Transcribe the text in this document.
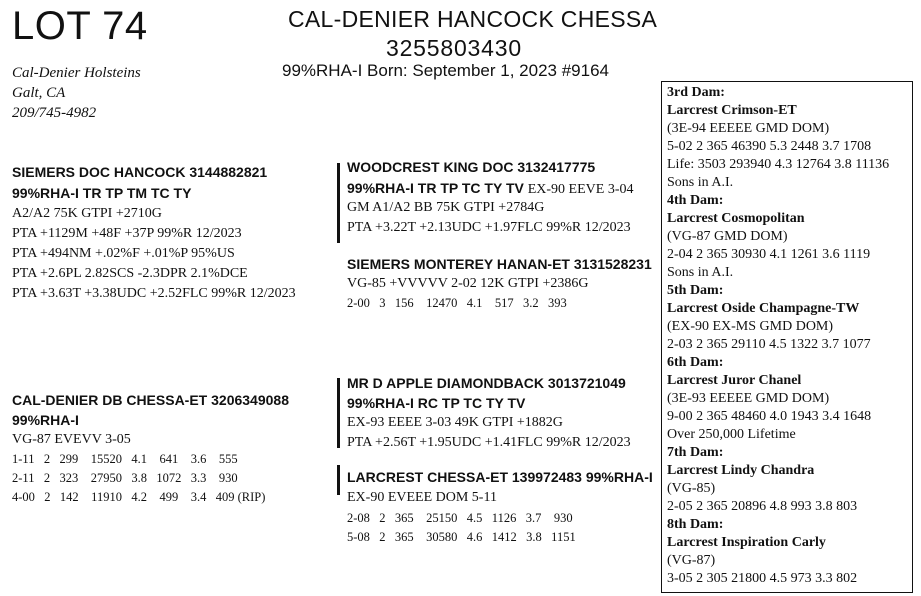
LOT 74	CAL-DENIER HANCOCK CHESSA
3255803430
99%RHA-I Born: September 1, 2023 #9164
Cal-Denier Holsteins
Galt, CA
209/745-4982
SIEMERS DOC HANCOCK 3144882821
99%RHA-I TR TP TM TC TY
A2/A2 75K GTPI +2710G
PTA +1129M +48F +37P 99%R 12/2023
PTA +494NM +.02%F +.01%P 95%US
PTA +2.6PL 2.82SCS -2.3DPR 2.1%DCE
PTA +3.63T +3.38UDC +2.52FLC 99%R 12/2023
WOODCREST KING DOC 3132417775
99%RHA-I TR TP TC TY TV EX-90 EEVE 3-04
GM A1/A2 BB 75K GTPI +2784G
PTA +3.22T +2.13UDC +1.97FLC 99%R 12/2023
SIEMERS MONTEREY HANAN-ET 3131528231
VG-85 +VVVVV 2-02 12K GTPI +2386G
2-00 3 156 12470 4.1 517 3.2 393
CAL-DENIER DB CHESSA-ET 3206349088
99%RHA-I
VG-87 EVEVV 3-05
1-11 2 299 15520 4.1 641 3.6 555
2-11 2 323 27950 3.8 1072 3.3 930
4-00 2 142 11910 4.2 499 3.4 409 (RIP)
MR D APPLE DIAMONDBACK 3013721049
99%RHA-I RC TP TC TY TV
EX-93 EEEE 3-03 49K GTPI +1882G
PTA +2.56T +1.95UDC +1.41FLC 99%R 12/2023
LARCREST CHESSA-ET 139972483 99%RHA-I
EX-90 EVEEE DOM 5-11
2-08 2 365 25150 4.5 1126 3.7 930
5-08 2 365 30580 4.6 1412 3.8 1151
3rd Dam:
Larcrest Crimson-ET
(3E-94 EEEEE GMD DOM)
5-02 2 365 46390 5.3 2448 3.7 1708
Life: 3503 293940 4.3 12764 3.8 11136
Sons in A.I.
4th Dam:
Larcrest Cosmopolitan
(VG-87 GMD DOM)
2-04 2 365 30930 4.1 1261 3.6 1119
Sons in A.I.
5th Dam:
Larcrest Oside Champagne-TW
(EX-90 EX-MS GMD DOM)
2-03 2 365 29110 4.5 1322 3.7 1077
6th Dam:
Larcrest Juror Chanel
(3E-93 EEEEE GMD DOM)
9-00 2 365 48460 4.0 1943 3.4 1648
Over 250,000 Lifetime
7th Dam:
Larcrest Lindy Chandra
(VG-85)
2-05 2 365 20896 4.8 993 3.8 803
8th Dam:
Larcrest Inspiration Carly
(VG-87)
3-05 2 305 21800 4.5 973 3.3 802
